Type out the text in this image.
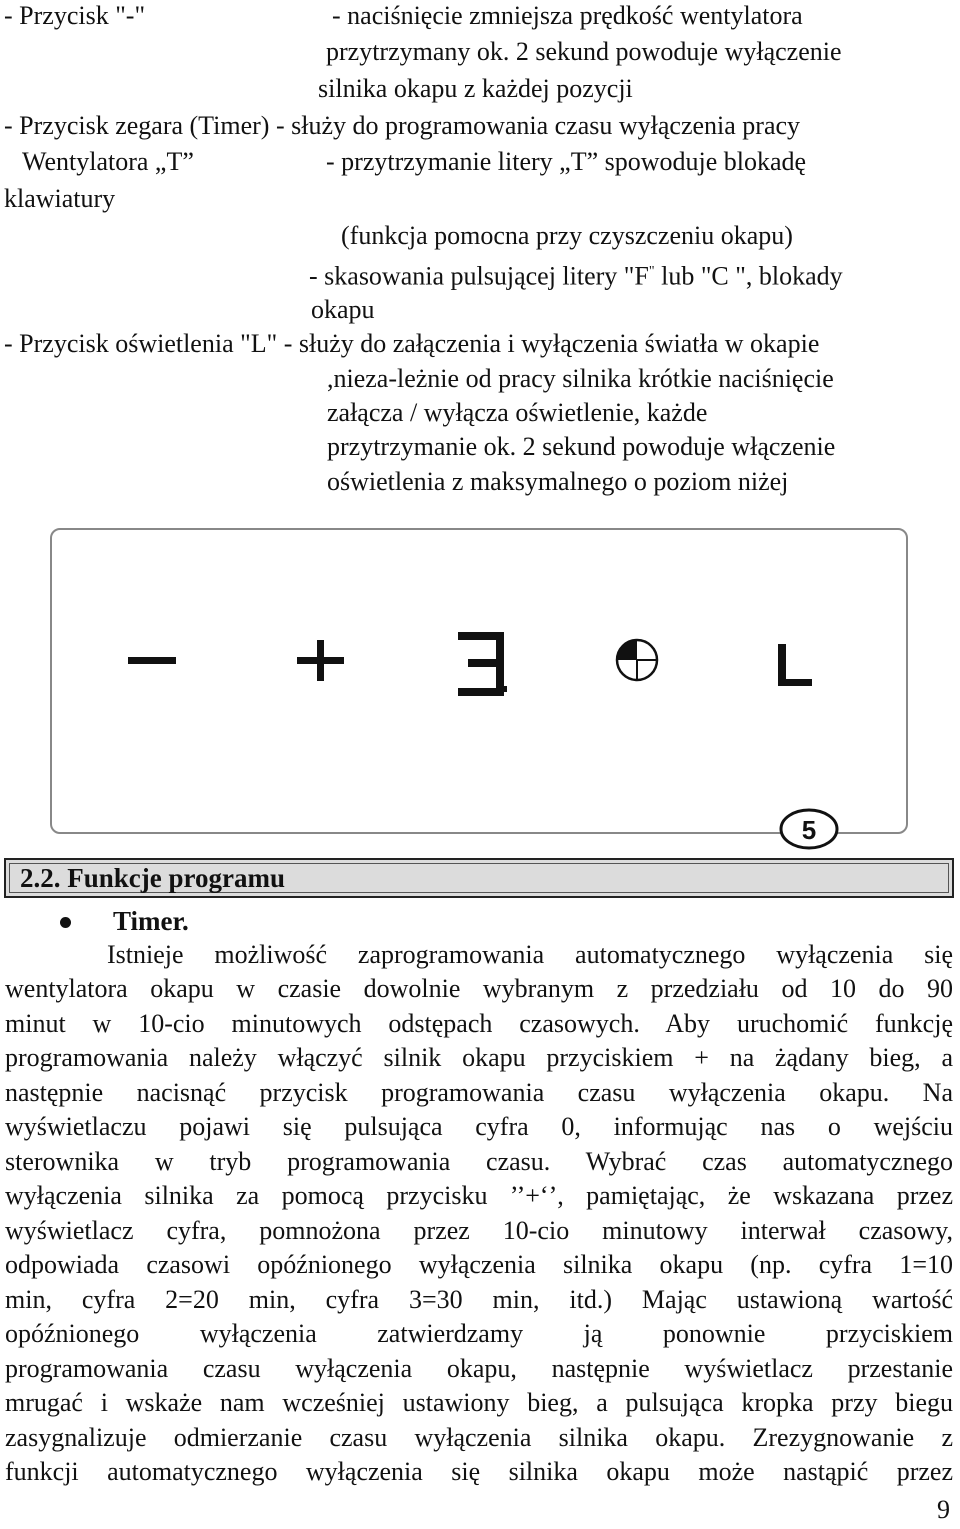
- Przycisk "-"	- naciśnięcie zmniejsza prędkość wentylatora
przytrzymany ok. 2 sekund powoduje wyłączenie
silnika okapu z każdej pozycji
- Przycisk zegara (Timer) - służy do programowania czasu wyłączenia pracy
Wentylatora „T”	- przytrzymanie litery „T” spowoduje blokadę
klawiatury
(funkcja pomocna przy czyszczeniu okapu)
- skasowania pulsującej litery "F" lub "C ", blokady
okapu
- Przycisk oświetlenia "L" - służy do załączenia i wyłączenia światła w okapie
,nieza-leżnie od pracy silnika krótkie naciśnięcie
załącza / wyłącza oświetlenie, każde
przytrzymanie ok. 2 sekund powoduje włączenie
oświetlenia z maksymalnego o poziom niżej
5
2.2. Funkcje programu
Timer.
Istnieje możliwość zaprogramowania automatycznego wyłączenia się
wentylatora okapu w czasie dowolnie wybranym z przedziału od 10 do 90
minut w 10-cio minutowych odstępach czasowych. Aby uruchomić funkcję
programowania należy włączyć silnik okapu przyciskiem + na żądany bieg, a
następnie nacisnąć przycisk programowania czasu wyłączenia okapu. Na
wyświetlaczu pojawi się pulsująca cyfra 0, informując nas o wejściu
sterownika w tryb programowania czasu. Wybrać czas automatycznego
wyłączenia silnika za pomocą przycisku ’’+‘’, pamiętając, że wskazana przez
wyświetlacz cyfra, pomnożona przez 10-cio minutowy interwał czasowy,
odpowiada czasowi opóźnionego wyłączenia silnika okapu (np. cyfra 1=10
min, cyfra 2=20 min, cyfra 3=30 min, itd.) Mając ustawioną wartość
opóźnionego wyłączenia zatwierdzamy ją ponownie przyciskiem
programowania czasu wyłączenia okapu, następnie wyświetlacz przestanie
mrugać i wskaże nam wcześniej ustawiony bieg, a pulsująca kropka przy biegu
zasygnalizuje odmierzanie czasu wyłączenia silnika okapu. Zrezygnowanie z
funkcji automatycznego wyłączenia się silnika okapu może nastąpić przez
9
